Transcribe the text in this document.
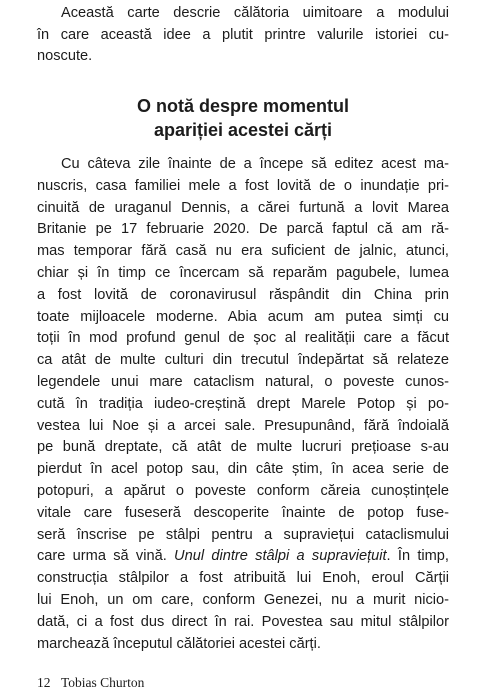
Această carte descrie călătoria uimitoare a modului
în care această idee a plutit printre valurile istoriei cu-
noscute.
O notă despre momentul
apariției acestei cărți
Cu câteva zile înainte de a începe să editez acest ma-
nuscris, casa familiei mele a fost lovită de o inundație pri-
cinuită de uraganul Dennis, a cărei furtună a lovit Marea
Britanie pe 17 februarie 2020. De parcă faptul că am ră-
mas temporar fără casă nu era suficient de jalnic, atunci,
chiar și în timp ce încercam să reparăm pagubele, lumea
a fost lovită de coronavirusul răspândit din China prin
toate mijloacele moderne. Abia acum am putea simți cu
toții în mod profund genul de șoc al realității care a făcut
ca atât de multe culturi din trecutul îndepărtat să relateze
legendele unui mare cataclism natural, o poveste cunos-
cută în tradiția iudeo-creștină drept Marele Potop și po-
vestea lui Noe și a arcei sale. Presupunând, fără îndoială
pe bună dreptate, că atât de multe lucruri prețioase s-au
pierdut în acel potop sau, din câte știm, în acea serie de
potopuri, a apărut o poveste conform căreia cunoștințele
vitale care fuseseră descoperite înainte de potop fuse-
seră înscrise pe stâlpi pentru a supraviețui cataclismului
care urma să vină. Unul dintre stâlpi a supraviețuit. În timp,
construcția stâlpilor a fost atribuită lui Enoh, eroul Cărții
lui Enoh, un om care, conform Genezei, nu a murit nicio-
dată, ci a fost dus direct în rai. Povestea sau mitul stâlpilor
marchează începutul călătoriei acestei cărți.
12 Tobias Churton
